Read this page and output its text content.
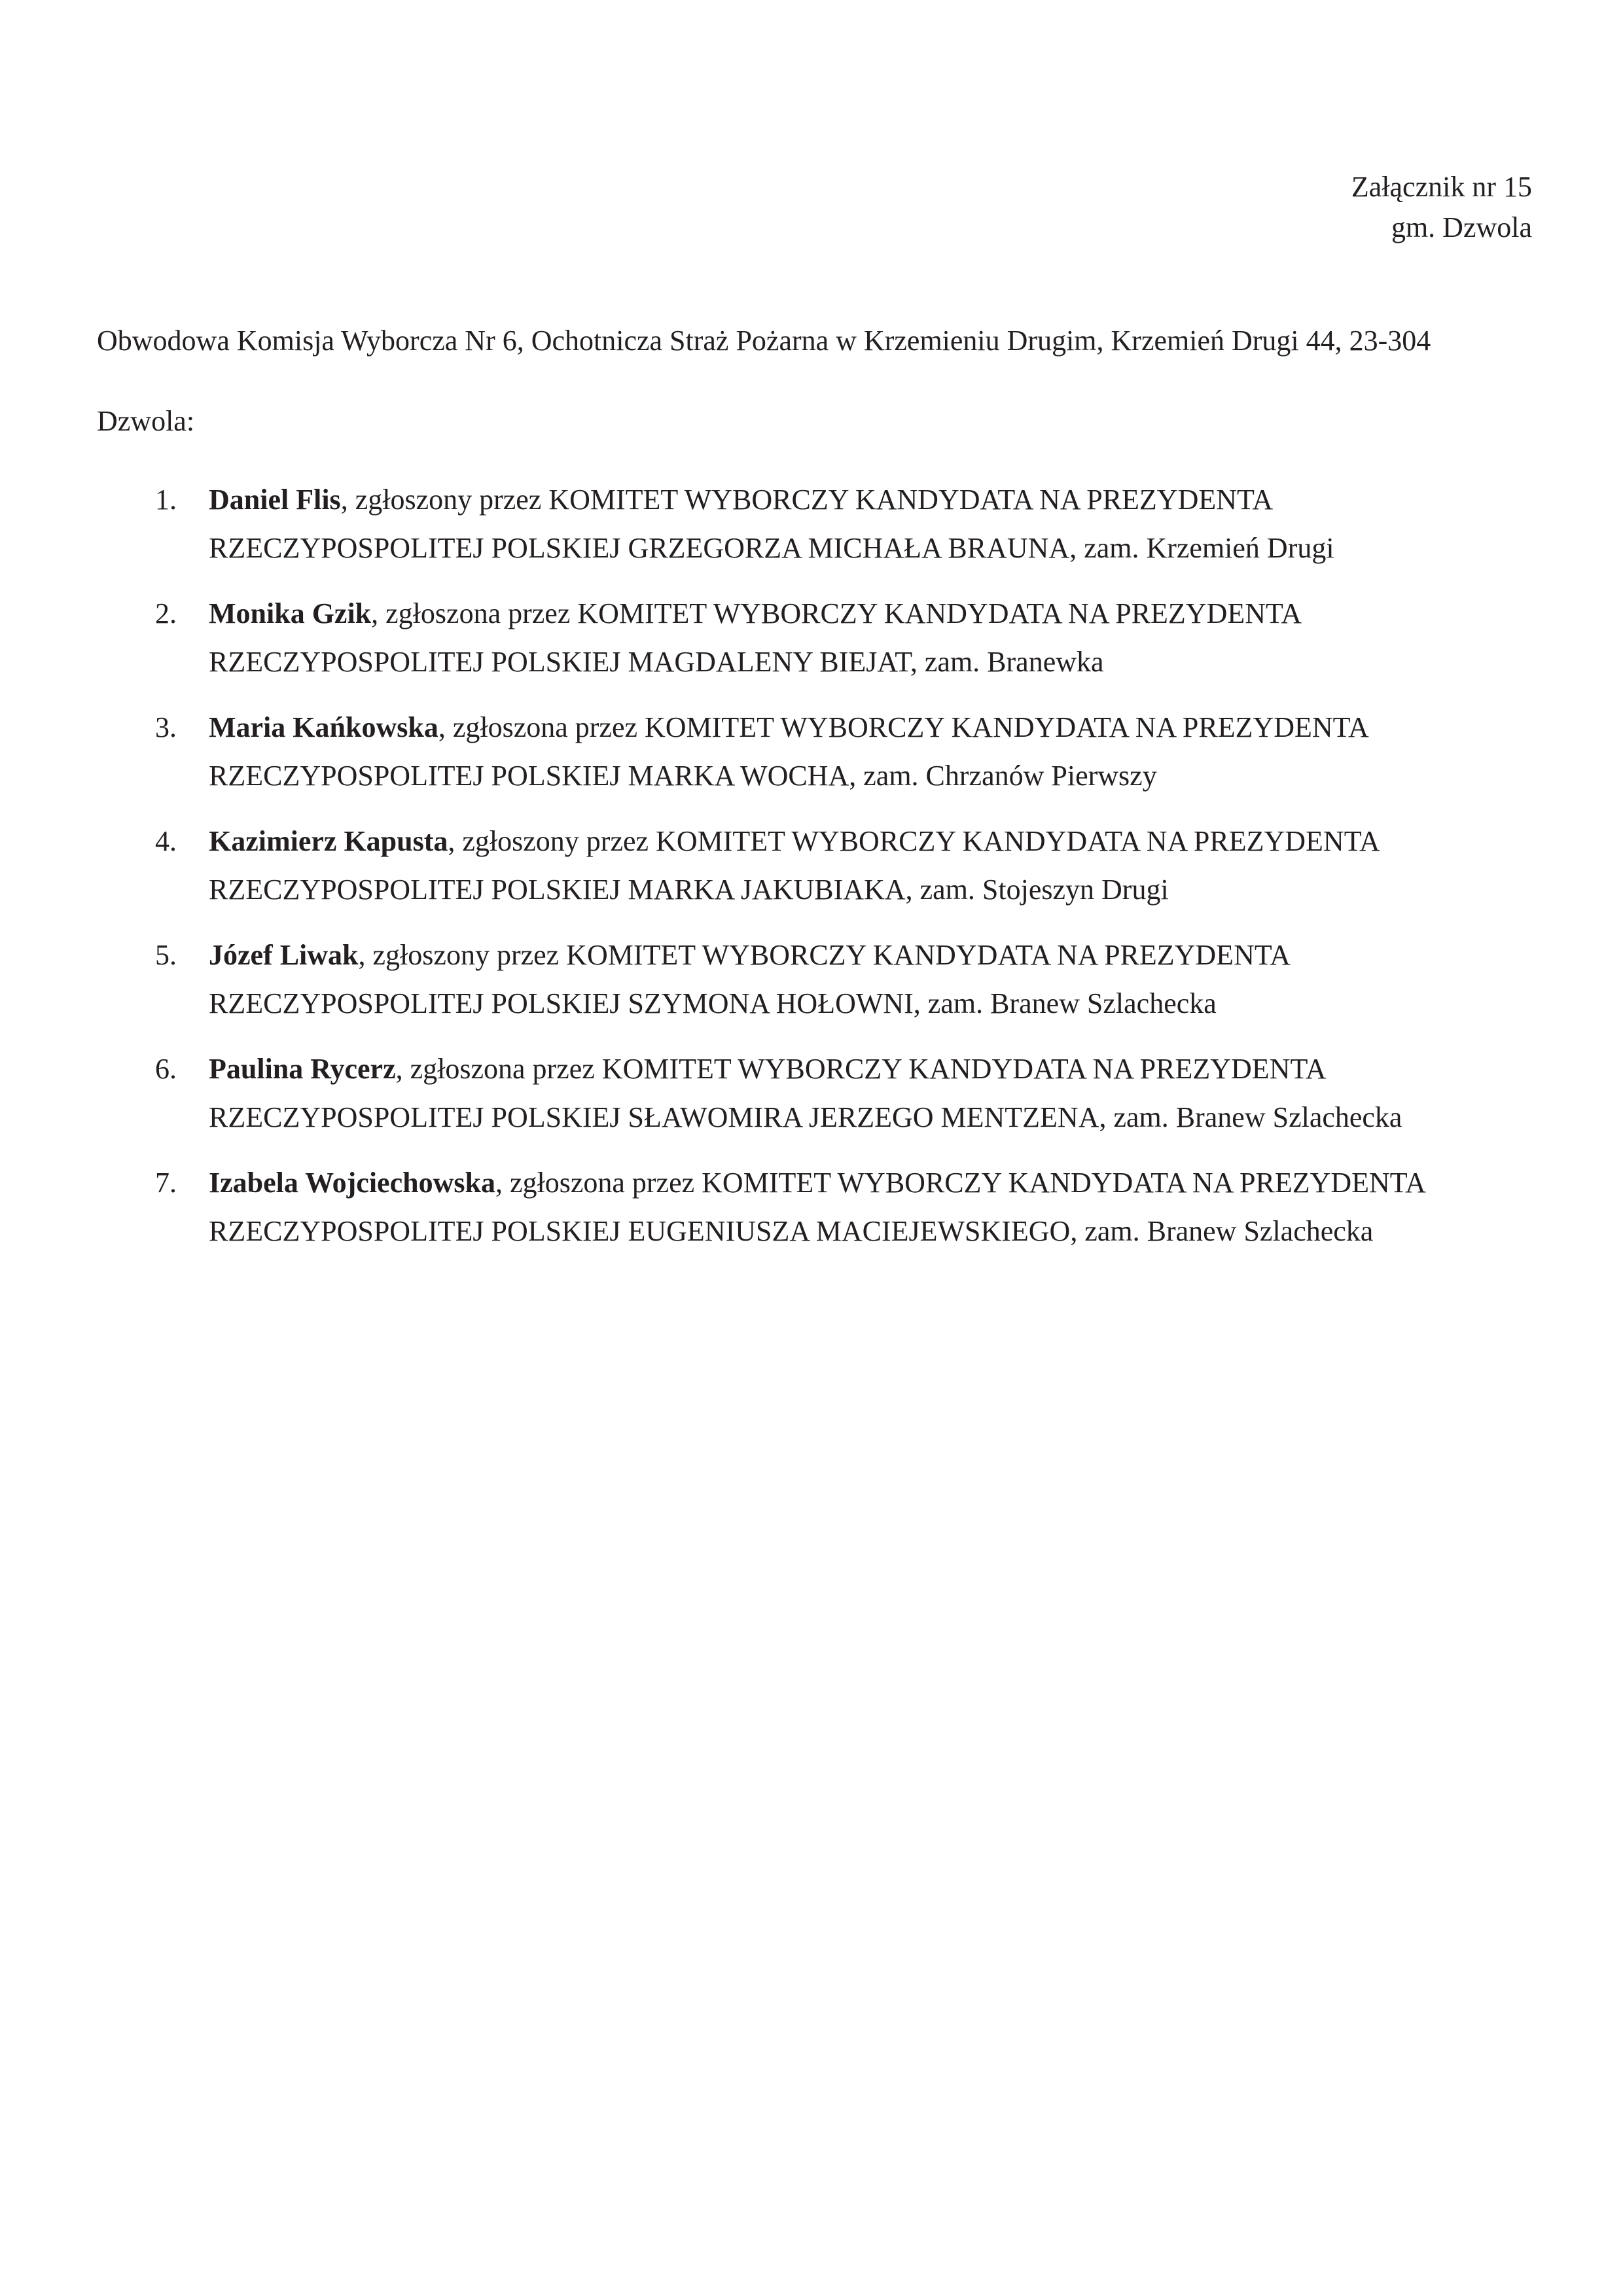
Załącznik nr 15
gm. Dzwola

Obwodowa Komisja Wyborcza Nr 6, Ochotnicza Straż Pożarna w Krzemieniu Drugim, Krzemień Drugi 44, 23-304 Dzwola:

1. Daniel Flis, zgłoszony przez KOMITET WYBORCZY KANDYDATA NA PREZYDENTA RZECZYPOSPOLITEJ POLSKIEJ GRZEGORZA MICHAŁA BRAUNA, zam. Krzemień Drugi
2. Monika Gzik, zgłoszona przez KOMITET WYBORCZY KANDYDATA NA PREZYDENTA RZECZYPOSPOLITEJ POLSKIEJ MAGDALENY BIEJAT, zam. Branewka
3. Maria Kańkowska, zgłoszona przez KOMITET WYBORCZY KANDYDATA NA PREZYDENTA RZECZYPOSPOLITEJ POLSKIEJ MARKA WOCHA, zam. Chrzanów Pierwszy
4. Kazimierz Kapusta, zgłoszony przez KOMITET WYBORCZY KANDYDATA NA PREZYDENTA RZECZYPOSPOLITEJ POLSKIEJ MARKA JAKUBIAKA, zam. Stojeszyn Drugi
5. Józef Liwak, zgłoszony przez KOMITET WYBORCZY KANDYDATA NA PREZYDENTA RZECZYPOSPOLITEJ POLSKIEJ SZYMONA HOŁOWNI, zam. Branew Szlachecka
6. Paulina Rycerz, zgłoszona przez KOMITET WYBORCZY KANDYDATA NA PREZYDENTA RZECZYPOSPOLITEJ POLSKIEJ SŁAWOMIRA JERZEGO MENTZENA, zam. Branew Szlachecka
7. Izabela Wojciechowska, zgłoszona przez KOMITET WYBORCZY KANDYDATA NA PREZYDENTA RZECZYPOSPOLITEJ POLSKIEJ EUGENIUSZA MACIEJEWSKIEGO, zam. Branew Szlachecka
